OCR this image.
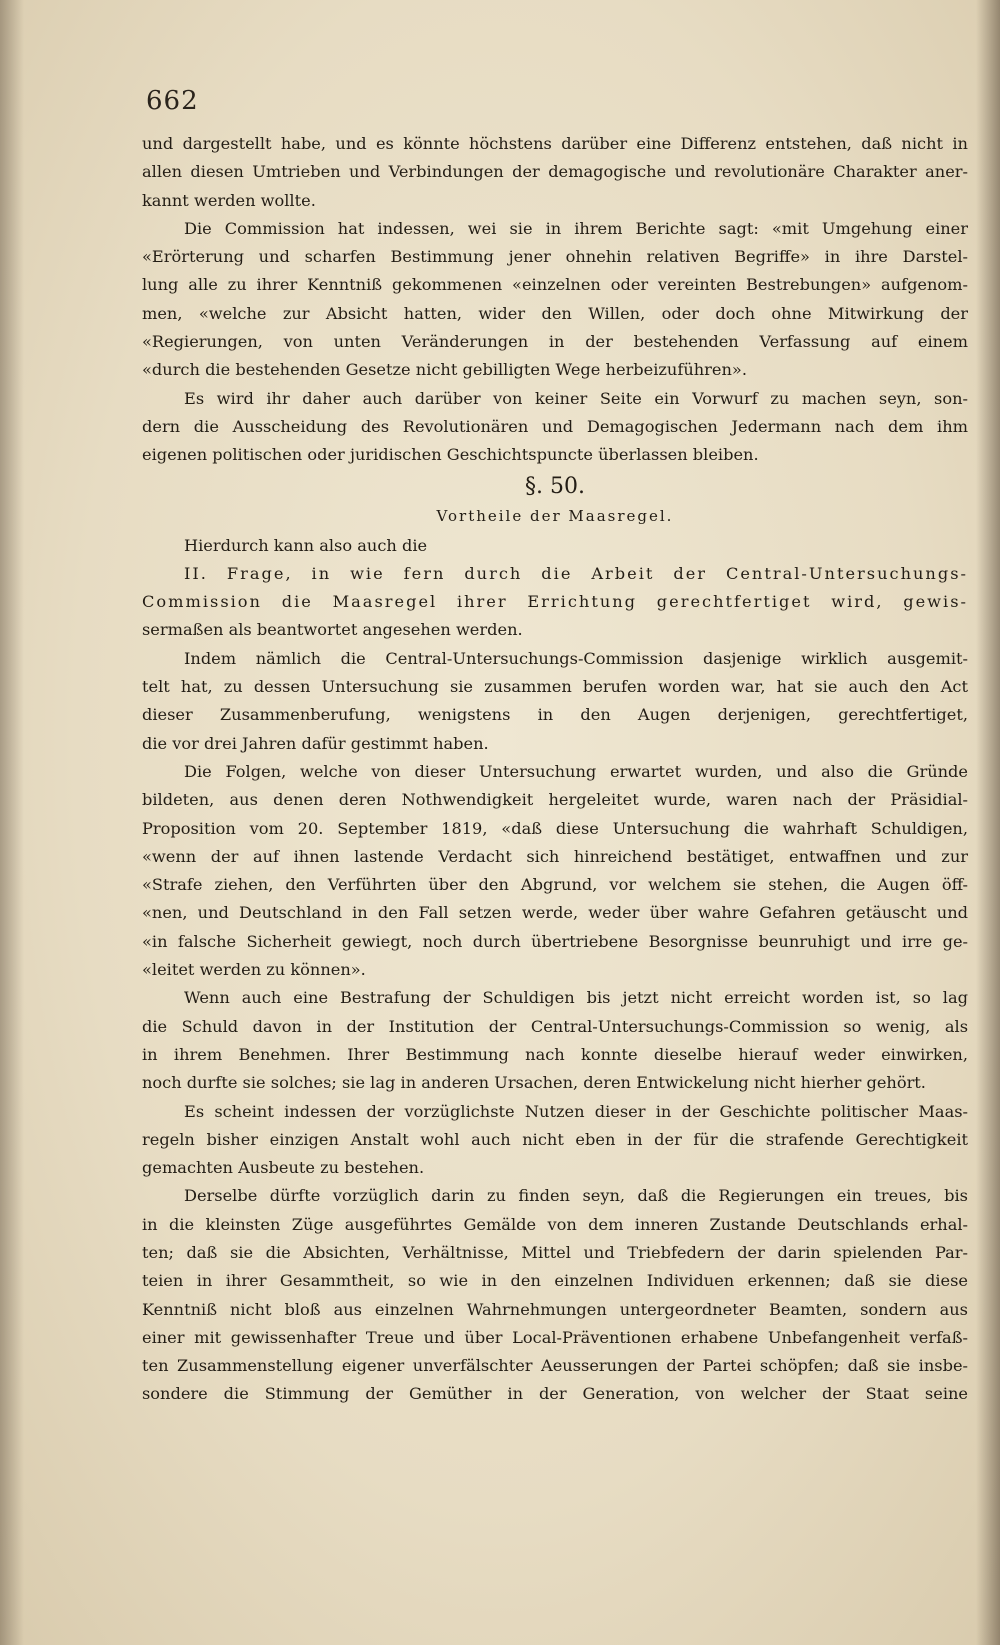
662
und dargestellt habe, und es könnte höchstens darüber eine Differenz entstehen, daß nicht in
allen diesen Umtrieben und Verbindungen der demagogische und revolutionäre Charakter aner-
kannt werden wollte.
Die Commission hat indessen, wei sie in ihrem Berichte sagt: «mit Umgehung einer
«Erörterung und scharfen Bestimmung jener ohnehin relativen Begriffe» in ihre Darstel-
lung alle zu ihrer Kenntniß gekommenen «einzelnen oder vereinten Bestrebungen» aufgenom-
men, «welche zur Absicht hatten, wider den Willen, oder doch ohne Mitwirkung der
«Regierungen, von unten Veränderungen in der bestehenden Verfassung auf einem
«durch die bestehenden Gesetze nicht gebilligten Wege herbeizuführen».
Es wird ihr daher auch darüber von keiner Seite ein Vorwurf zu machen seyn, son-
dern die Ausscheidung des Revolutionären und Demagogischen Jedermann nach dem ihm
eigenen politischen oder juridischen Geschichtspuncte überlassen bleiben.
§. 50.
Vortheile der Maasregel.
Hierdurch kann also auch die
II. Frage, in wie fern durch die Arbeit der Central-Untersuchungs-
Commission die Maasregel ihrer Errichtung gerechtfertiget wird, gewis-
sermaßen als beantwortet angesehen werden.
Indem nämlich die Central-Untersuchungs-Commission dasjenige wirklich ausgemit-
telt hat, zu dessen Untersuchung sie zusammen berufen worden war, hat sie auch den Act
dieser Zusammenberufung, wenigstens in den Augen derjenigen, gerechtfertiget,
die vor drei Jahren dafür gestimmt haben.
Die Folgen, welche von dieser Untersuchung erwartet wurden, und also die Gründe
bildeten, aus denen deren Nothwendigkeit hergeleitet wurde, waren nach der Präsidial-
Proposition vom 20. September 1819, «daß diese Untersuchung die wahrhaft Schuldigen,
«wenn der auf ihnen lastende Verdacht sich hinreichend bestätiget, entwaffnen und zur
«Strafe ziehen, den Verführten über den Abgrund, vor welchem sie stehen, die Augen öff-
«nen, und Deutschland in den Fall setzen werde, weder über wahre Gefahren getäuscht und
«in falsche Sicherheit gewiegt, noch durch übertriebene Besorgnisse beunruhigt und irre ge-
«leitet werden zu können».
Wenn auch eine Bestrafung der Schuldigen bis jetzt nicht erreicht worden ist, so lag
die Schuld davon in der Institution der Central-Untersuchungs-Commission so wenig, als
in ihrem Benehmen. Ihrer Bestimmung nach konnte dieselbe hierauf weder einwirken,
noch durfte sie solches; sie lag in anderen Ursachen, deren Entwickelung nicht hierher gehört.
Es scheint indessen der vorzüglichste Nutzen dieser in der Geschichte politischer Maas-
regeln bisher einzigen Anstalt wohl auch nicht eben in der für die strafende Gerechtigkeit
gemachten Ausbeute zu bestehen.
Derselbe dürfte vorzüglich darin zu finden seyn, daß die Regierungen ein treues, bis
in die kleinsten Züge ausgeführtes Gemälde von dem inneren Zustande Deutschlands erhal-
ten; daß sie die Absichten, Verhältnisse, Mittel und Triebfedern der darin spielenden Par-
teien in ihrer Gesammtheit, so wie in den einzelnen Individuen erkennen; daß sie diese
Kenntniß nicht bloß aus einzelnen Wahrnehmungen untergeordneter Beamten, sondern aus
einer mit gewissenhafter Treue und über Local-Präventionen erhabene Unbefangenheit verfaß-
ten Zusammenstellung eigener unverfälschter Aeusserungen der Partei schöpfen; daß sie insbe-
sondere die Stimmung der Gemüther in der Generation, von welcher der Staat seine
